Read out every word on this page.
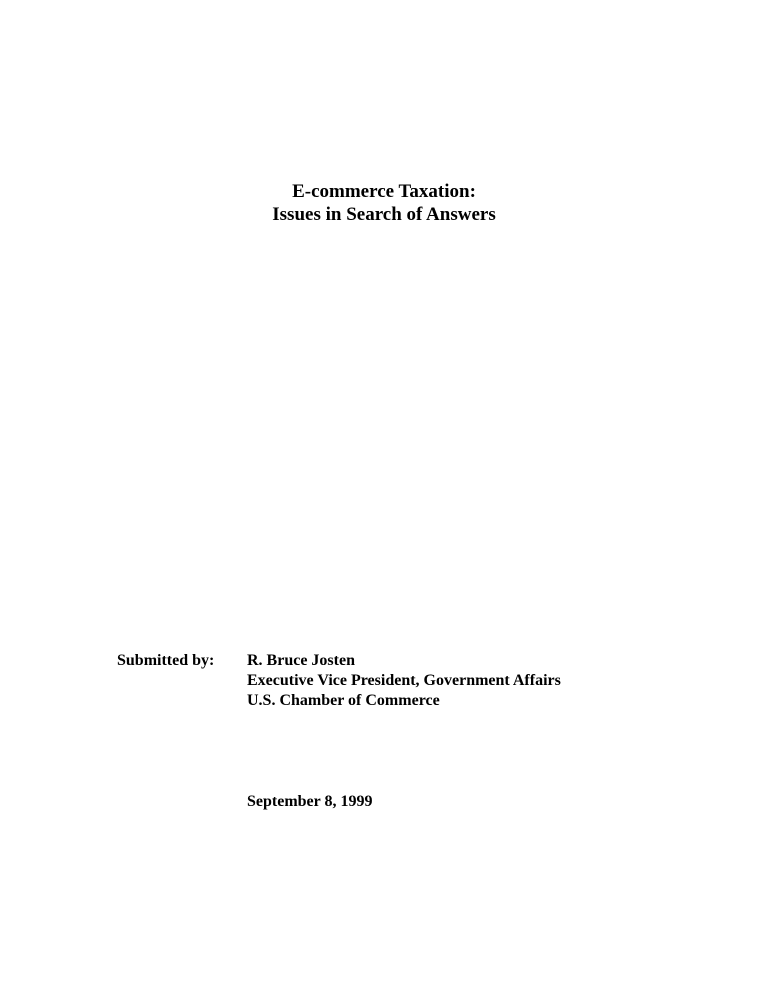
E-commerce Taxation:
Issues in Search of Answers
Submitted by: R. Bruce Josten
Executive Vice President, Government Affairs
U.S. Chamber of Commerce
September 8, 1999
